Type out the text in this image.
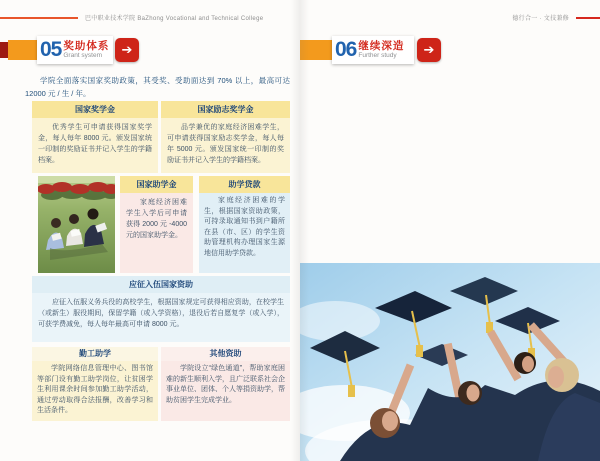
巴中职业技术学院 BaZhong Vocational and Technical College
05 奖助体系
Grant system	➔

学院全面落实国家奖助政策，其受奖、受助面达到 70% 以上，最高可达 12000 元 / 生 / 年。

国家奖学金
优秀学生可申请获得国家奖学金，每人每年 8000 元。颁发国家统一印制的奖励证书并记入学生的学籍档案。
国家励志奖学金
品学兼优的家庭经济困难学生，可申请获得国家励志奖学金，每人每年 5000 元。颁发国家统一印制的奖励证书并记入学生的学籍档案。
国家助学金
家庭经济困难学生入学后可申请获得 2000 元 -4000 元的国家助学金。
助学贷款
家庭经济困难的学生，根据国家资助政策，可持录取通知书到户籍所在县（市、区）的学生资助管理机构办理国家生源地信用助学贷款。
应征入伍国家资助
应征入伍服义务兵役的高校学生，根据国家规定可获得相应资助，在校学生（或新生）服役期间，保留学籍（或入学资格），退役后若自愿复学（或入学），可获学费减免，每人每年最高可申请 8000 元。
勤工助学
学院网络信息管理中心、图书馆等部门设有勤工助学岗位，让贫困学生利用课余时间参加勤工助学活动，通过劳动取得合法报酬，改善学习和生活条件。
其他资助
学院设立“绿色通道”，帮助家庭困难的新生顺利入学，且广泛联系社会企事业单位、团体、个人等捐资助学，帮助贫困学生完成学业。
德行合一 · 文技兼修
06 继续深造
Further study	➔
